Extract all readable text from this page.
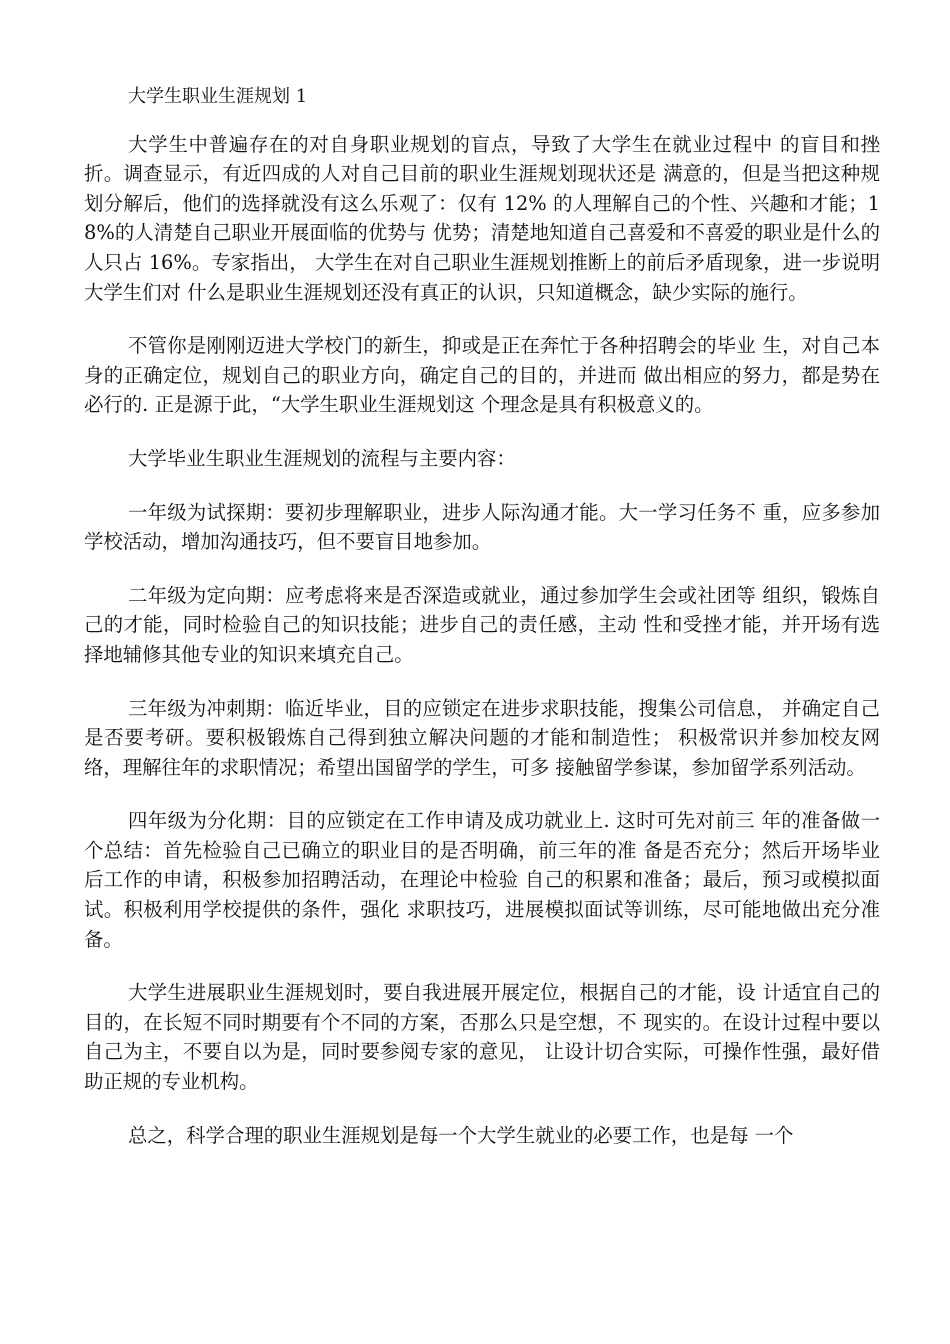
大学生职业生涯规划 1

大学生中普遍存在的对自身职业规划的盲点，导致了大学生在就业过程中 的盲目和挫折。调查显示，有近四成的人对自己目前的职业生涯规划现状还是 满意的，但是当把这种规划分解后，他们的选择就没有这么乐观了：仅有 12% 的人理解自己的个性、兴趣和才能；18%的人清楚自己职业开展面临的优势与 优势；清楚地知道自己喜爱和不喜爱的职业是什么的人只占 16%。专家指出， 大学生在对自己职业生涯规划推断上的前后矛盾现象，进一步说明大学生们对 什么是职业生涯规划还没有真正的认识，只知道概念，缺少实际的施行。

不管你是刚刚迈进大学校门的新生，抑或是正在奔忙于各种招聘会的毕业 生，对自己本身的正确定位，规划自己的职业方向，确定自己的目的，并进而 做出相应的努力，都是势在必行的. 正是源于此，“大学生职业生涯规划这 个理念是具有积极意义的。

大学毕业生职业生涯规划的流程与主要内容：

一年级为试探期：要初步理解职业，进步人际沟通才能。大一学习任务不 重，应多参加学校活动，增加沟通技巧，但不要盲目地参加。

二年级为定向期：应考虑将来是否深造或就业，通过参加学生会或社团等 组织，锻炼自己的才能，同时检验自己的知识技能；进步自己的责任感，主动 性和受挫才能，并开场有选择地辅修其他专业的知识来填充自己。

三年级为冲刺期：临近毕业，目的应锁定在进步求职技能，搜集公司信息， 并确定自己是否要考研。要积极锻炼自己得到独立解决问题的才能和制造性； 积极常识并参加校友网络，理解往年的求职情况；希望出国留学的学生，可多 接触留学参谋，参加留学系列活动。

四年级为分化期：目的应锁定在工作申请及成功就业上. 这时可先对前三 年的准备做一个总结：首先检验自己已确立的职业目的是否明确，前三年的准 备是否充分；然后开场毕业后工作的申请，积极参加招聘活动，在理论中检验 自己的积累和准备；最后，预习或模拟面试。积极利用学校提供的条件，强化 求职技巧，进展模拟面试等训练，尽可能地做出充分准备。

大学生进展职业生涯规划时，要自我进展开展定位，根据自己的才能，设 计适宜自己的目的，在长短不同时期要有个不同的方案，否那么只是空想，不 现实的。在设计过程中要以自己为主，不要自以为是，同时要参阅专家的意见， 让设计切合实际，可操作性强，最好借助正规的专业机构。

总之，科学合理的职业生涯规划是每一个大学生就业的必要工作，也是每 一个
